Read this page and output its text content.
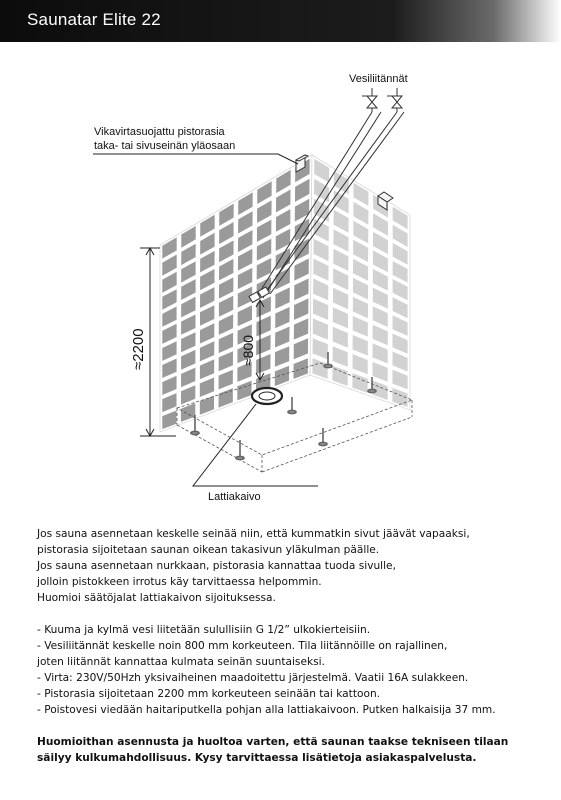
Saunatar Elite 22
Lattiakaivo
Vesiliitännät
Vikavirtasuojattu pistorasia
taka- tai sivuseinän yläosaan
≈2200	≈800

Jos sauna asennetaan keskelle seinää niin, että kummatkin sivut jäävät vapaaksi,

pistorasia sijoitetaan saunan oikean takasivun yläkulman päälle.

Jos sauna asennetaan nurkkaan, pistorasia kannattaa tuoda sivulle,

jolloin pistokkeen irrotus käy tarvittaessa helpommin.

Huomioi säätöjalat lattiakaivon sijoituksessa.

- Kuuma ja kylmä vesi liitetään sulullisiin G 1/2” ulkokierteisiin.

- Vesiliitännät keskelle noin 800 mm korkeuteen. Tila liitännöille on rajallinen,

joten liitännät kannattaa kulmata seinän suuntaiseksi.

- Virta: 230V/50Hzh yksivaiheinen maadoitettu järjestelmä. Vaatii 16A sulakkeen.

- Pistorasia sijoitetaan 2200 mm korkeuteen seinään tai kattoon.

- Poistovesi viedään haitariputkella pohjan alla lattiakaivoon. Putken halkaisija 37 mm.

Huomioithan asennusta ja huoltoa varten, että saunan taakse tekniseen tilaan

säilyy kulkumahdollisuus. Kysy tarvittaessa lisätietoja asiakaspalvelusta.
